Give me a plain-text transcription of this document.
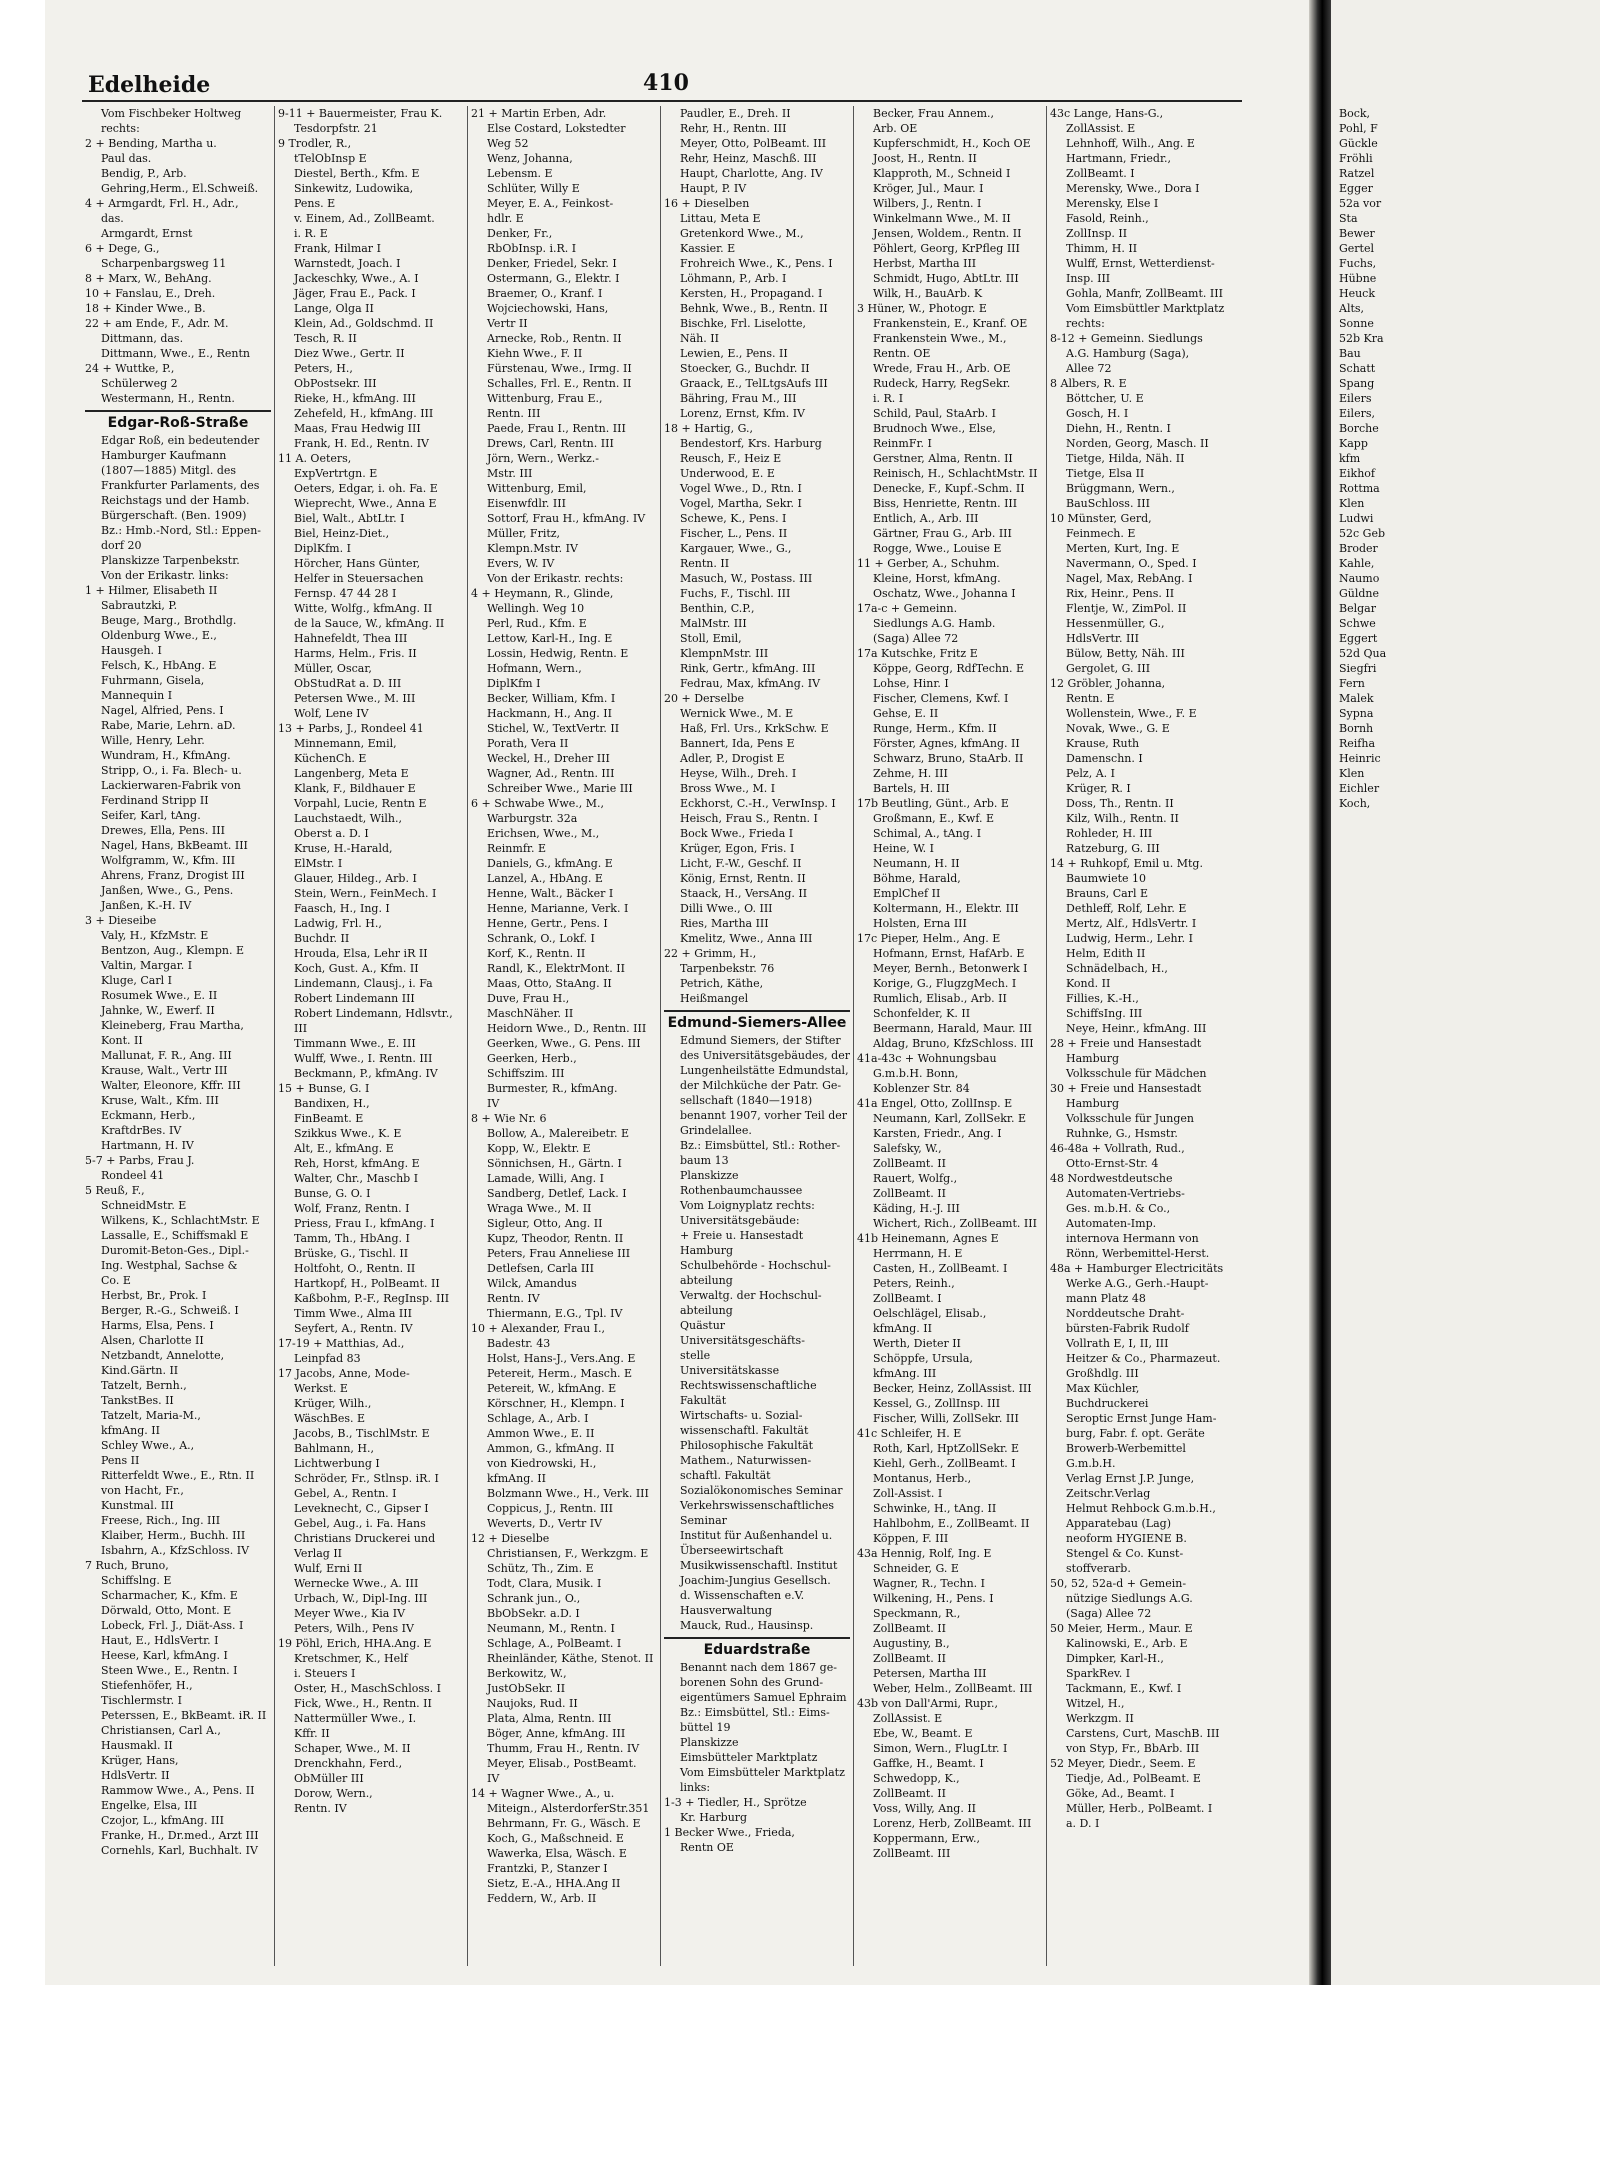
Bock,
Pohl, F
Gückle
Fröhli
Ratzel
Egger
52a vor
Sta
Bewer
Gertel
Fuchs,
Hübne
Heuck
Alts,
Sonne
52b Kra
Bau
Schatt
Spang
Eilers
Eilers,
Borche
Kapp
kfm
Eikhof
Rottma
Klen
Ludwi
52c Geb
Broder
Kahle,
Naumo
Güldne
Belgar
Schwe
Eggert
52d Qua
Siegfri
Fern
Malek
Sypna
Bornh
Reifha
Heinric
Klen
Eichler
Koch,
Edelheide	410
Vom Fischbeker Holtweg
rechts:
2 + Bending, Martha u.
Paul das.
Bendig, P., Arb.
Gehring,Herm., El.Schweiß.
4 + Armgardt, Frl. H., Adr.,
das.
Armgardt, Ernst
6 + Dege, G.,
Scharpenbargsweg 11
8 + Marx, W., BehAng.
10 + Fanslau, E., Dreh.
18 + Kinder Wwe., B.
22 + am Ende, F., Adr. M.
Dittmann, das.
Dittmann, Wwe., E., Rentn
24 + Wuttke, P.,
Schülerweg 2
Westermann, H., Rentn.
Edgar-Roß-Straße
Edgar Roß, ein bedeutender
Hamburger Kaufmann
(1807—1885) Mitgl. des
Frankfurter Parlaments, des
Reichstags und der Hamb.
Bürgerschaft. (Ben. 1909)
Bz.: Hmb.-Nord, Stl.: Eppen-
dorf 20
Planskizze Tarpenbekstr.
Von der Erikastr. links:
1 + Hilmer, Elisabeth II
Sabrautzki, P.
Beuge, Marg., Brothdlg.
Oldenburg Wwe., E.,
Hausgeh. I
Felsch, K., HbAng. E
Fuhrmann, Gisela,
Mannequin I
Nagel, Alfried, Pens. I
Rabe, Marie, Lehrn. aD.
Wille, Henry, Lehr.
Wundram, H., KfmAng.
Stripp, O., i. Fa. Blech- u.
Lackierwaren-Fabrik von
Ferdinand Stripp II
Seifer, Karl, tAng.
Drewes, Ella, Pens. III
Nagel, Hans, BkBeamt. III
Wolfgramm, W., Kfm. III
Ahrens, Franz, Drogist III
Janßen, Wwe., G., Pens.
Janßen, K.-H. IV
3 + Dieseibe
Valy, H., KfzMstr. E
Bentzon, Aug., Klempn. E
Valtin, Margar. I
Kluge, Carl I
Rosumek Wwe., E. II
Jahnke, W., Ewerf. II
Kleineberg, Frau Martha,
Kont. II
Mallunat, F. R., Ang. III
Krause, Walt., Vertr III
Walter, Eleonore, Kffr. III
Kruse, Walt., Kfm. III
Eckmann, Herb.,
KraftdrBes. IV
Hartmann, H. IV
5-7 + Parbs, Frau J.
Rondeel 41
5 Reuß, F.,
SchneidMstr. E
Wilkens, K., SchlachtMstr. E
Lassalle, E., Schiffsmakl E
Duromit-Beton-Ges., Dipl.-
Ing. Westphal, Sachse &
Co. E
Herbst, Br., Prok. I
Berger, R.-G., Schweiß. I
Harms, Elsa, Pens. I
Alsen, Charlotte II
Netzbandt, Annelotte,
Kind.Gärtn. II
Tatzelt, Bernh.,
TankstBes. II
Tatzelt, Maria-M.,
kfmAng. II
Schley Wwe., A.,
Pens II
Ritterfeldt Wwe., E., Rtn. II
von Hacht, Fr.,
Kunstmal. III
Freese, Rich., Ing. III
Klaiber, Herm., Buchh. III
Isbahrn, A., KfzSchloss. IV
7 Ruch, Bruno,
Schiffslng. E
Scharmacher, K., Kfm. E
Dörwald, Otto, Mont. E
Lobeck, Frl. J., Diät-Ass. I
Haut, E., HdlsVertr. I
Heese, Karl, kfmAng. I
Steen Wwe., E., Rentn. I
Stiefenhöfer, H.,
Tischlermstr. I
Peterssen, E., BkBeamt. iR. II
Christiansen, Carl A.,
Hausmakl. II
Krüger, Hans,
HdlsVertr. II
Rammow Wwe., A., Pens. II
Engelke, Elsa, III
Czojor, L., kfmAng. III
Franke, H., Dr.med., Arzt III
Cornehls, Karl, Buchhalt. IV
9-11 + Bauermeister, Frau K.
Tesdorpfstr. 21
9 Trodler, R.,
tTelObInsp E
Diestel, Berth., Kfm. E
Sinkewitz, Ludowika,
Pens. E
v. Einem, Ad., ZollBeamt.
i. R. E
Frank, Hilmar I
Warnstedt, Joach. I
Jackeschky, Wwe., A. I
Jäger, Frau E., Pack. I
Lange, Olga II
Klein, Ad., Goldschmd. II
Tesch, R. II
Diez Wwe., Gertr. II
Peters, H.,
ObPostsekr. III
Rieke, H., kfmAng. III
Zehefeld, H., kfmAng. III
Maas, Frau Hedwig III
Frank, H. Ed., Rentn. IV
11 A. Oeters,
ExpVertrtgn. E
Oeters, Edgar, i. oh. Fa. E
Wieprecht, Wwe., Anna E
Biel, Walt., AbtLtr. I
Biel, Heinz-Diet.,
DiplKfm. I
Hörcher, Hans Günter,
Helfer in Steuersachen
Fernsp. 47 44 28 I
Witte, Wolfg., kfmAng. II
de la Sauce, W., kfmAng. II
Hahnefeldt, Thea III
Harms, Helm., Fris. II
Müller, Oscar,
ObStudRat a. D. III
Petersen Wwe., M. III
Wolf, Lene IV
13 + Parbs, J., Rondeel 41
Minnemann, Emil,
KüchenCh. E
Langenberg, Meta E
Klank, F., Bildhauer E
Vorpahl, Lucie, Rentn E
Lauchstaedt, Wilh.,
Oberst a. D. I
Kruse, H.-Harald,
ElMstr. I
Glauer, Hildeg., Arb. I
Stein, Wern., FeinMech. I
Faasch, H., Ing. I
Ladwig, Frl. H.,
Buchdr. II
Hrouda, Elsa, Lehr iR II
Koch, Gust. A., Kfm. II
Lindemann, Clausj., i. Fa
Robert Lindemann III
Robert Lindemann, Hdlsvtr.,
III
Timmann Wwe., E. III
Wulff, Wwe., I. Rentn. III
Beckmann, P., kfmAng. IV
15 + Bunse, G. I
Bandixen, H.,
FinBeamt. E
Szikkus Wwe., K. E
Alt, E., kfmAng. E
Reh, Horst, kfmAng. E
Walter, Chr., Maschb I
Bunse, G. O. I
Wolf, Franz, Rentn. I
Priess, Frau I., kfmAng. I
Tamm, Th., HbAng. I
Brüske, G., Tischl. II
Holtfoht, O., Rentn. II
Hartkopf, H., PolBeamt. II
Kaßbohm, P.-F., RegInsp. III
Timm Wwe., Alma III
Seyfert, A., Rentn. IV
17-19 + Matthias, Ad.,
Leinpfad 83
17 Jacobs, Anne, Mode-
Werkst. E
Krüger, Wilh.,
WäschBes. E
Jacobs, B., TischlMstr. E
Bahlmann, H.,
Lichtwerbung I
Schröder, Fr., Stlnsp. iR. I
Gebel, A., Rentn. I
Leveknecht, C., Gipser I
Gebel, Aug., i. Fa. Hans
Christians Druckerei und
Verlag II
Wulf, Erni II
Wernecke Wwe., A. III
Urbach, W., Dipl-Ing. III
Meyer Wwe., Kia IV
Peters, Wilh., Pens IV
19 Pöhl, Erich, HHA.Ang. E
Kretschmer, K., Helf
i. Steuers I
Oster, H., MaschSchloss. I
Fick, Wwe., H., Rentn. II
Nattermüller Wwe., I.
Kffr. II
Schaper, Wwe., M. II
Drenckhahn, Ferd.,
ObMüller III
Dorow, Wern.,
Rentn. IV
21 + Martin Erben, Adr.
Else Costard, Lokstedter
Weg 52
Wenz, Johanna,
Lebensm. E
Schlüter, Willy E
Meyer, E. A., Feinkost-
hdlr. E
Denker, Fr.,
RbObInsp. i.R. I
Denker, Friedel, Sekr. I
Ostermann, G., Elektr. I
Braemer, O., Kranf. I
Wojciechowski, Hans,
Vertr II
Arnecke, Rob., Rentn. II
Kiehn Wwe., F. II
Fürstenau, Wwe., Irmg. II
Schalles, Frl. E., Rentn. II
Wittenburg, Frau E.,
Rentn. III
Paede, Frau I., Rentn. III
Drews, Carl, Rentn. III
Jörn, Wern., Werkz.-
Mstr. III
Wittenburg, Emil,
Eisenwfdlr. III
Sottorf, Frau H., kfmAng. IV
Müller, Fritz,
Klempn.Mstr. IV
Evers, W. IV
Von der Erikastr. rechts:
4 + Heymann, R., Glinde,
Wellingh. Weg 10
Perl, Rud., Kfm. E
Lettow, Karl-H., Ing. E
Lossin, Hedwig, Rentn. E
Hofmann, Wern.,
DiplKfm I
Becker, William, Kfm. I
Hackmann, H., Ang. II
Stichel, W., TextVertr. II
Porath, Vera II
Weckel, H., Dreher III
Wagner, Ad., Rentn. III
Schreiber Wwe., Marie III
6 + Schwabe Wwe., M.,
Warburgstr. 32a
Erichsen, Wwe., M.,
Reinmfr. E
Daniels, G., kfmAng. E
Lanzel, A., HbAng. E
Henne, Walt., Bäcker I
Henne, Marianne, Verk. I
Henne, Gertr., Pens. I
Schrank, O., Lokf. I
Korf, K., Rentn. II
Randl, K., ElektrMont. II
Maas, Otto, StaAng. II
Duve, Frau H.,
MaschNäher. II
Heidorn Wwe., D., Rentn. III
Geerken, Wwe., G. Pens. III
Geerken, Herb.,
Schiffszim. III
Burmester, R., kfmAng.
IV
8 + Wie Nr. 6
Bollow, A., Malereibetr. E
Kopp, W., Elektr. E
Sönnichsen, H., Gärtn. I
Lamade, Willi, Ang. I
Sandberg, Detlef, Lack. I
Wraga Wwe., M. II
Sigleur, Otto, Ang. II
Kupz, Theodor, Rentn. II
Peters, Frau Anneliese III
Detlefsen, Carla III
Wilck, Amandus
Rentn. IV
Thiermann, E.G., Tpl. IV
10 + Alexander, Frau I.,
Badestr. 43
Holst, Hans-J., Vers.Ang. E
Petereit, Herm., Masch. E
Petereit, W., kfmAng. E
Körschner, H., Klempn. I
Schlage, A., Arb. I
Ammon Wwe., E. II
Ammon, G., kfmAng. II
von Kiedrowski, H.,
kfmAng. II
Bolzmann Wwe., H., Verk. III
Coppicus, J., Rentn. III
Weverts, D., Vertr IV
12 + Dieselbe
Christiansen, F., Werkzgm. E
Schütz, Th., Zim. E
Todt, Clara, Musik. I
Schrank jun., O.,
BbObSekr. a.D. I
Neumann, M., Rentn. I
Schlage, A., PolBeamt. I
Rheinländer, Käthe, Stenot. II
Berkowitz, W.,
JustObSekr. II
Naujoks, Rud. II
Plata, Alma, Rentn. III
Böger, Anne, kfmAng. III
Thumm, Frau H., Rentn. IV
Meyer, Elisab., PostBeamt.
IV
14 + Wagner Wwe., A., u.
Miteign., AlsterdorferStr.351
Behrmann, Fr. G., Wäsch. E
Koch, G., Maßschneid. E
Wawerka, Elsa, Wäsch. E
Frantzki, P., Stanzer I
Sietz, E.-A., HHA.Ang II
Feddern, W., Arb. II
Paudler, E., Dreh. II
Rehr, H., Rentn. III
Meyer, Otto, PolBeamt. III
Rehr, Heinz, Maschß. III
Haupt, Charlotte, Ang. IV
Haupt, P. IV
16 + Dieselben
Littau, Meta E
Gretenkord Wwe., M.,
Kassier. E
Frohreich Wwe., K., Pens. I
Löhmann, P., Arb. I
Kersten, H., Propagand. I
Behnk, Wwe., B., Rentn. II
Bischke, Frl. Liselotte,
Näh. II
Lewien, E., Pens. II
Stoecker, G., Buchdr. II
Graack, E., TelLtgsAufs III
Bähring, Frau M., III
Lorenz, Ernst, Kfm. IV
18 + Hartig, G.,
Bendestorf, Krs. Harburg
Reusch, F., Heiz E
Underwood, E. E
Vogel Wwe., D., Rtn. I
Vogel, Martha, Sekr. I
Schewe, K., Pens. I
Fischer, L., Pens. II
Kargauer, Wwe., G.,
Rentn. II
Masuch, W., Postass. III
Fuchs, F., Tischl. III
Benthin, C.P.,
MalMstr. III
Stoll, Emil,
KlempnMstr. III
Rink, Gertr., kfmAng. III
Fedrau, Max, kfmAng. IV
20 + Derselbe
Wernick Wwe., M. E
Haß, Frl. Urs., KrkSchw. E
Bannert, Ida, Pens E
Adler, P., Drogist E
Heyse, Wilh., Dreh. I
Bross Wwe., M. I
Eckhorst, C.-H., VerwInsp. I
Heisch, Frau S., Rentn. I
Bock Wwe., Frieda I
Krüger, Egon, Fris. I
Licht, F.-W., Geschf. II
König, Ernst, Rentn. II
Staack, H., VersAng. II
Dilli Wwe., O. III
Ries, Martha III
Kmelitz, Wwe., Anna III
22 + Grimm, H.,
Tarpenbekstr. 76
Petrich, Käthe,
Heißmangel
Edmund-Siemers-Allee
Edmund Siemers, der Stifter
des Universitätsgebäudes, der
Lungenheilstätte Edmundstal,
der Milchküche der Patr. Ge-
sellschaft (1840—1918)
benannt 1907, vorher Teil der
Grindelallee.
Bz.: Eimsbüttel, Stl.: Rother-
baum 13
Planskizze
Rothenbaumchaussee
Vom Loignyplatz rechts:
Universitätsgebäude:
+ Freie u. Hansestadt
Hamburg
Schulbehörde - Hochschul-
abteilung
Verwaltg. der Hochschul-
abteilung
Quästur
Universitätsgeschäfts-
stelle
Universitätskasse
Rechtswissenschaftliche
Fakultät
Wirtschafts- u. Sozial-
wissenschaftl. Fakultät
Philosophische Fakultät
Mathem., Naturwissen-
schaftl. Fakultät
Sozialökonomisches Seminar
Verkehrswissenschaftliches
Seminar
Institut für Außenhandel u.
Überseewirtschaft
Musikwissenschaftl. Institut
Joachim-Jungius Gesellsch.
d. Wissenschaften e.V.
Hausverwaltung
Mauck, Rud., Hausinsp.
Eduardstraße
Benannt nach dem 1867 ge-
borenen Sohn des Grund-
eigentümers Samuel Ephraim
Bz.: Eimsbüttel, Stl.: Eims-
büttel 19
Planskizze
Eimsbütteler Marktplatz
Vom Eimsbütteler Marktplatz
links:
1-3 + Tiedler, H., Sprötze
Kr. Harburg
1 Becker Wwe., Frieda,
Rentn OE
Becker, Frau Annem.,
Arb. OE
Kupferschmidt, H., Koch OE
Joost, H., Rentn. II
Klapproth, M., Schneid I
Kröger, Jul., Maur. I
Wilbers, J., Rentn. I
Winkelmann Wwe., M. II
Jensen, Woldem., Rentn. II
Pöhlert, Georg, KrPfleg III
Herbst, Martha III
Schmidt, Hugo, AbtLtr. III
Wilk, H., BauArb. K
3 Hüner, W., Photogr. E
Frankenstein, E., Kranf. OE
Frankenstein Wwe., M.,
Rentn. OE
Wrede, Frau H., Arb. OE
Rudeck, Harry, RegSekr.
i. R. I
Schild, Paul, StaArb. I
Brudnoch Wwe., Else,
ReinmFr. I
Gerstner, Alma, Rentn. II
Reinisch, H., SchlachtMstr. II
Denecke, F., Kupf.-Schm. II
Biss, Henriette, Rentn. III
Entlich, A., Arb. III
Gärtner, Frau G., Arb. III
Rogge, Wwe., Louise E
11 + Gerber, A., Schuhm.
Kleine, Horst, kfmAng.
Oschatz, Wwe., Johanna I
17a-c + Gemeinn.
Siedlungs A.G. Hamb.
(Saga) Allee 72
17a Kutschke, Fritz E
Köppe, Georg, RdfTechn. E
Lohse, Hinr. I
Fischer, Clemens, Kwf. I
Gehse, E. II
Runge, Herm., Kfm. II
Förster, Agnes, kfmAng. II
Schwarz, Bruno, StaArb. II
Zehme, H. III
Bartels, H. III
17b Beutling, Günt., Arb. E
Großmann, E., Kwf. E
Schimal, A., tAng. I
Heine, W. I
Neumann, H. II
Böhme, Harald,
EmplChef II
Koltermann, H., Elektr. III
Holsten, Erna III
17c Pieper, Helm., Ang. E
Hofmann, Ernst, HafArb. E
Meyer, Bernh., Betonwerk I
Korige, G., FlugzgMech. I
Rumlich, Elisab., Arb. II
Schonfelder, K. II
Beermann, Harald, Maur. III
Aldag, Bruno, KfzSchloss. III
41a-43c + Wohnungsbau
G.m.b.H. Bonn,
Koblenzer Str. 84
41a Engel, Otto, ZollInsp. E
Neumann, Karl, ZollSekr. E
Karsten, Friedr., Ang. I
Salefsky, W.,
ZollBeamt. II
Rauert, Wolfg.,
ZollBeamt. II
Käding, H.-J. III
Wichert, Rich., ZollBeamt. III
41b Heinemann, Agnes E
Herrmann, H. E
Casten, H., ZollBeamt. I
Peters, Reinh.,
ZollBeamt. I
Oelschlägel, Elisab.,
kfmAng. II
Werth, Dieter II
Schöppfe, Ursula,
kfmAng. III
Becker, Heinz, ZollAssist. III
Kessel, G., ZollInsp. III
Fischer, Willi, ZollSekr. III
41c Schleifer, H. E
Roth, Karl, HptZollSekr. E
Kiehl, Gerh., ZollBeamt. I
Montanus, Herb.,
Zoll-Assist. I
Schwinke, H., tAng. II
Hahlbohm, E., ZollBeamt. II
Köppen, F. III
43a Hennig, Rolf, Ing. E
Schneider, G. E
Wagner, R., Techn. I
Wilkening, H., Pens. I
Speckmann, R.,
ZollBeamt. II
Augustiny, B.,
ZollBeamt. II
Petersen, Martha III
Weber, Helm., ZollBeamt. III
43b von Dall'Armi, Rupr.,
ZollAssist. E
Ebe, W., Beamt. E
Simon, Wern., FlugLtr. I
Gaffke, H., Beamt. I
Schwedopp, K.,
ZollBeamt. II
Voss, Willy, Ang. II
Lorenz, Herb, ZollBeamt. III
Koppermann, Erw.,
ZollBeamt. III
43c Lange, Hans-G.,
ZollAssist. E
Lehnhoff, Wilh., Ang. E
Hartmann, Friedr.,
ZollBeamt. I
Merensky, Wwe., Dora I
Merensky, Else I
Fasold, Reinh.,
ZollInsp. II
Thimm, H. II
Wulff, Ernst, Wetterdienst-
Insp. III
Gohla, Manfr, ZollBeamt. III
Vom Eimsbüttler Marktplatz
rechts:
8-12 + Gemeinn. Siedlungs
A.G. Hamburg (Saga),
Allee 72
8 Albers, R. E
Böttcher, U. E
Gosch, H. I
Diehn, H., Rentn. I
Norden, Georg, Masch. II
Tietge, Hilda, Näh. II
Tietge, Elsa II
Brüggmann, Wern.,
BauSchloss. III
10 Münster, Gerd,
Feinmech. E
Merten, Kurt, Ing. E
Navermann, O., Sped. I
Nagel, Max, RebAng. I
Rix, Heinr., Pens. II
Flentje, W., ZimPol. II
Hessenmüller, G.,
HdlsVertr. III
Bülow, Betty, Näh. III
Gergolet, G. III
12 Gröbler, Johanna,
Rentn. E
Wollenstein, Wwe., F. E
Novak, Wwe., G. E
Krause, Ruth
Damenschn. I
Pelz, A. I
Krüger, R. I
Doss, Th., Rentn. II
Kilz, Wilh., Rentn. II
Rohleder, H. III
Ratzeburg, G. III
14 + Ruhkopf, Emil u. Mtg.
Baumwiete 10
Brauns, Carl E
Dethleff, Rolf, Lehr. E
Mertz, Alf., HdlsVertr. I
Ludwig, Herm., Lehr. I
Helm, Edith II
Schnädelbach, H.,
Kond. II
Fillies, K.-H.,
SchiffsIng. III
Neye, Heinr., kfmAng. III
28 + Freie und Hansestadt
Hamburg
Volksschule für Mädchen
30 + Freie und Hansestadt
Hamburg
Volksschule für Jungen
Ruhnke, G., Hsmstr.
46-48a + Vollrath, Rud.,
Otto-Ernst-Str. 4
48 Nordwestdeutsche
Automaten-Vertriebs-
Ges. m.b.H. & Co.,
Automaten-Imp.
internova Hermann von
Rönn, Werbemittel-Herst.
48a + Hamburger Electricitäts
Werke A.G., Gerh.-Haupt-
mann Platz 48
Norddeutsche Draht-
bürsten-Fabrik Rudolf
Vollrath E, I, II, III
Heitzer & Co., Pharmazeut.
Großhdlg. III
Max Küchler,
Buchdruckerei
Seroptic Ernst Junge Ham-
burg, Fabr. f. opt. Geräte
Browerb-Werbemittel
G.m.b.H.
Verlag Ernst J.P. Junge,
Zeitschr.Verlag
Helmut Rehbock G.m.b.H.,
Apparatebau (Lag)
neoform HYGIENE B.
Stengel & Co. Kunst-
stoffverarb.
50, 52, 52a-d + Gemein-
nützige Siedlungs A.G.
(Saga) Allee 72
50 Meier, Herm., Maur. E
Kalinowski, E., Arb. E
Dimpker, Karl-H.,
SparkRev. I
Tackmann, E., Kwf. I
Witzel, H.,
Werkzgm. II
Carstens, Curt, MaschB. III
von Styp, Fr., BbArb. III
52 Meyer, Diedr., Seem. E
Tiedje, Ad., PolBeamt. E
Göke, Ad., Beamt. I
Müller, Herb., PolBeamt. I
a. D. I
